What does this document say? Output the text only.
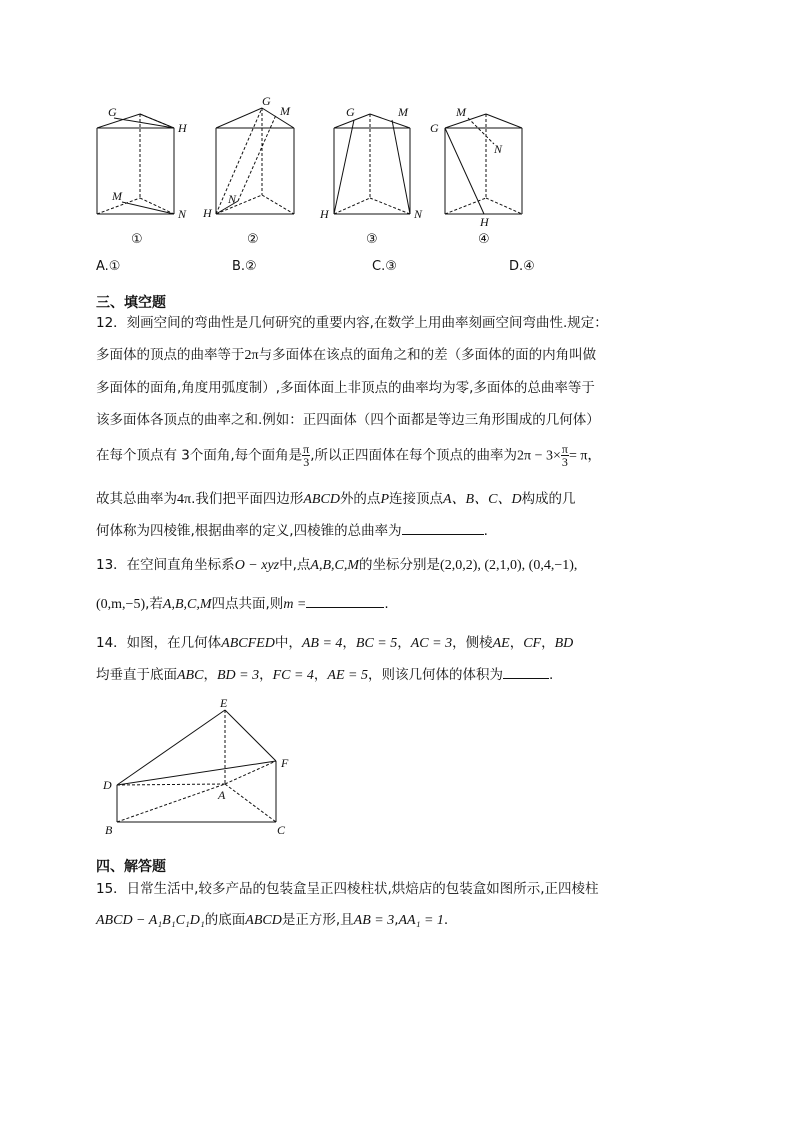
G
H
M
N
G
M
N
H
G	M
H	N
G
M
N
H
①	②	③	④
A.①	B.②	C.③	D.④
三、填空题
12．刻画空间的弯曲性是几何研究的重要内容,在数学上用曲率刻画空间弯曲性.规定：
多面体的顶点的曲率等于2π与多面体在该点的面角之和的差（多面体的面的内角叫做
多面体的面角,角度用弧度制）,多面体面上非顶点的曲率均为零,多面体的总曲率等于
该多面体各顶点的曲率之和.例如：正四面体（四个面都是等边三角形围成的几何体）
在每个顶点有 3个面角,每个面角是 $\frac{\pi}{3}$ ,所以正四面体在每个顶点的曲率为$2\pi - 3\times \frac{\pi}{3} = \pi$，
故其总曲率为4π.我们把平面四边形ABCD外的点P连接顶点A、B、C、D构成的几
何体称为四棱锥,根据曲率的定义,四棱锥的总曲率为	.
13．在空间直角坐标系O − xyz中,点A,B,C,M的坐标分别是(2,0,2), (2,1,0), (0,4,−1),
(0,m,−5),若A,B,C,M四点共面,则m =	.
14．如图，在几何体ABCFED中，AB = 4，BC = 5，AC = 3，侧棱AE，CF，BD
均垂直于底面ABC，BD = 3，FC = 4，AE = 5，则该几何体的体积为	.
E
F
D
A
B	C
四、解答题
15．日常生活中,较多产品的包装盒呈正四棱柱状,烘焙店的包装盒如图所示,正四棱柱
ABCD − A₁B₁C₁D₁的底面ABCD是正方形,且AB = 3,AA₁ = 1.
